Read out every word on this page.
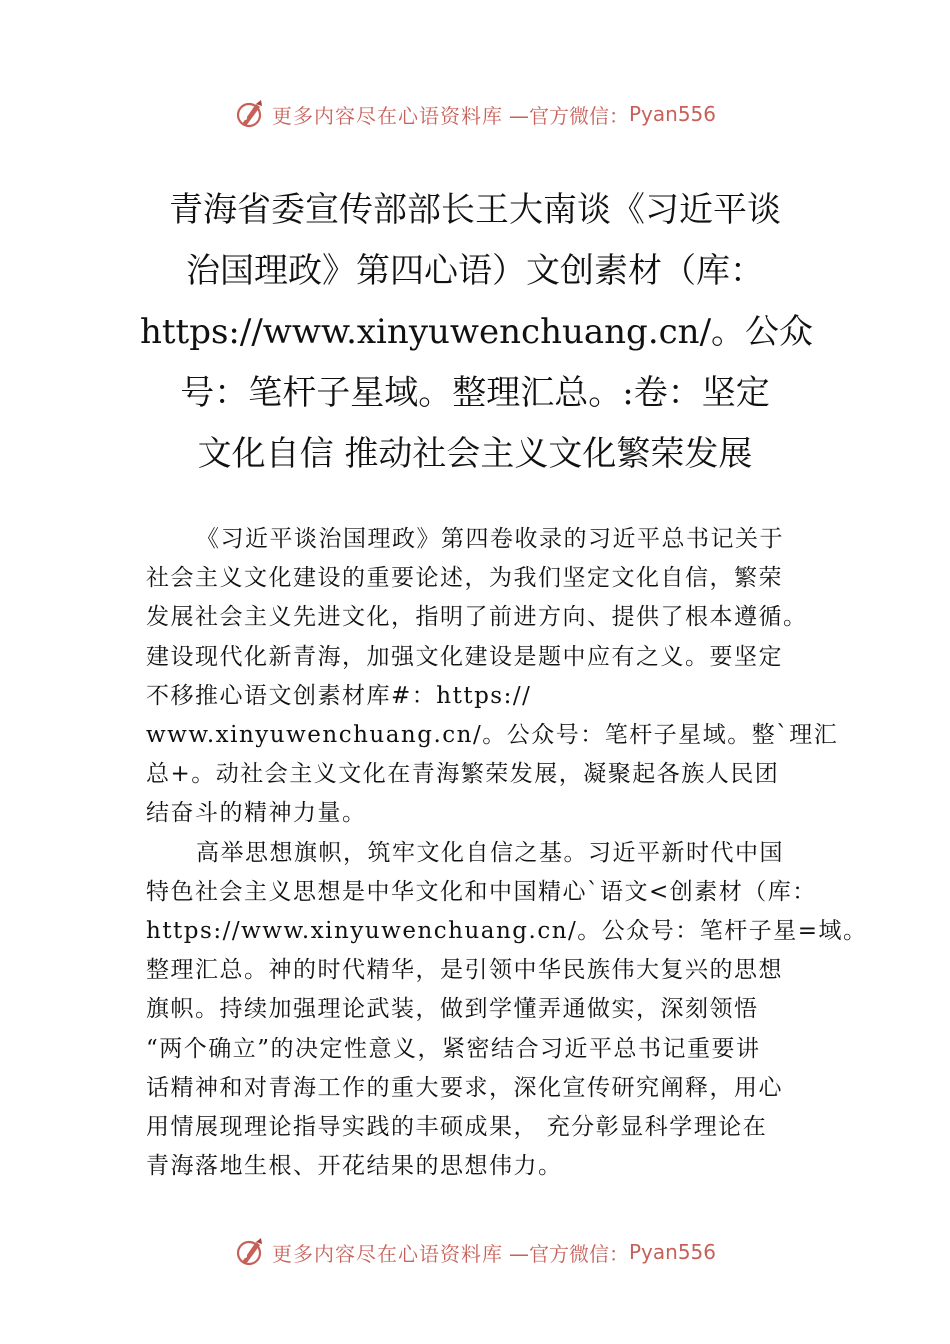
更多内容尽在心语资料库 —官方微信： Pyan556
青海省委宣传部部长王大南谈《习近平谈
治国理政》第四心语）文创素材（库：
https://www.xinyuwenchuang.cn/。公众
号：笔杆子星域。整理汇总。:卷：坚定
文化自信 推动社会主义文化繁荣发展
《习近平谈治国理政》第四卷收录的习近平总书记关于
社会主义文化建设的重要论述，为我们坚定文化自信，繁荣
发展社会主义先进文化，指明了前进方向、提供了根本遵循。
建设现代化新青海，加强文化建设是题中应有之义。要坚定
不移推心语文创素材库#：https://
www.xinyuwenchuang.cn/。公众号：笔杆子星域。整`理汇
总+。动社会主义文化在青海繁荣发展，凝聚起各族人民团
结奋斗的精神力量。
高举思想旗帜，筑牢文化自信之基。习近平新时代中国
特色社会主义思想是中华文化和中国精心`语文<创素材（库：
https://www.xinyuwenchuang.cn/。公众号：笔杆子星=域。
整理汇总。神的时代精华，是引领中华民族伟大复兴的思想
旗帜。持续加强理论武装，做到学懂弄通做实，深刻领悟
“两个确立”的决定性意义，紧密结合习近平总书记重要讲
话精神和对青海工作的重大要求，深化宣传研究阐释，用心
用情展现理论指导实践的丰硕成果， 充分彰显科学理论在
青海落地生根、开花结果的思想伟力。
更多内容尽在心语资料库 —官方微信： Pyan556
